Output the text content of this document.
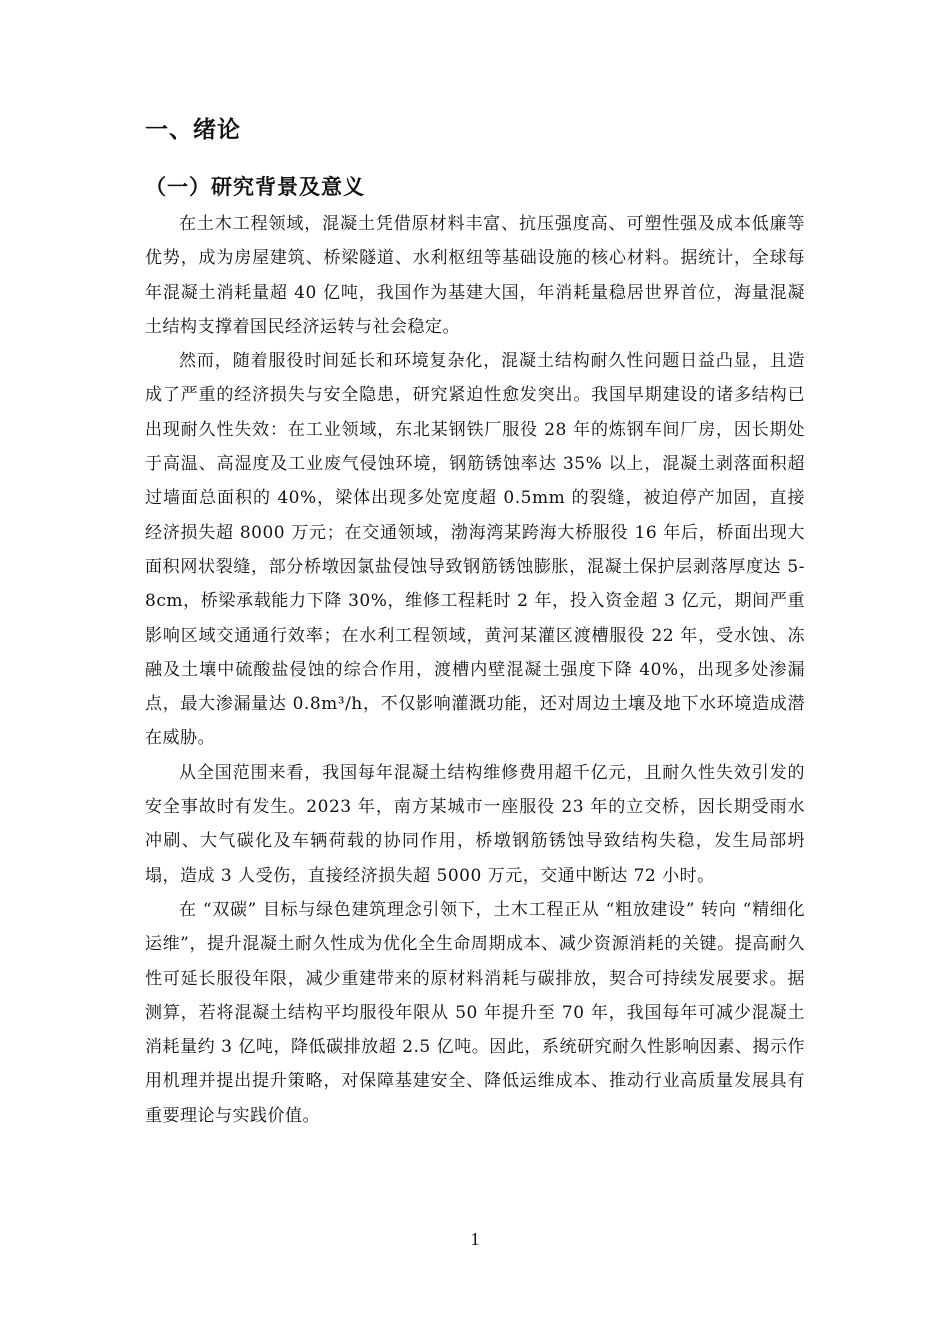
一、绪论
（一）研究背景及意义

在土木工程领域，混凝土凭借原材料丰富、抗压强度高、可塑性强及成本低廉等优势，成为房屋建筑、桥梁隧道、水利枢纽等基础设施的核心材料。据统计，全球每年混凝土消耗量超 40 亿吨，我国作为基建大国，年消耗量稳居世界首位，海量混凝土结构支撑着国民经济运转与社会稳定。

然而，随着服役时间延长和环境复杂化，混凝土结构耐久性问题日益凸显，且造成了严重的经济损失与安全隐患，研究紧迫性愈发突出。我国早期建设的诸多结构已出现耐久性失效：在工业领域，东北某钢铁厂服役 28 年的炼钢车间厂房，因长期处于高温、高湿度及工业废气侵蚀环境，钢筋锈蚀率达 35% 以上，混凝土剥落面积超过墙面总面积的 40%，梁体出现多处宽度超 0.5mm 的裂缝，被迫停产加固，直接经济损失超 8000 万元；在交通领域，渤海湾某跨海大桥服役 16 年后，桥面出现大面积网状裂缝，部分桥墩因氯盐侵蚀导致钢筋锈蚀膨胀，混凝土保护层剥落厚度达 5-8cm，桥梁承载能力下降 30%，维修工程耗时 2 年，投入资金超 3 亿元，期间严重影响区域交通通行效率；在水利工程领域，黄河某灌区渡槽服役 22 年，受水蚀、冻融及土壤中硫酸盐侵蚀的综合作用，渡槽内壁混凝土强度下降 40%，出现多处渗漏点，最大渗漏量达 0.8m³/h，不仅影响灌溉功能，还对周边土壤及地下水环境造成潜在威胁。

从全国范围来看，我国每年混凝土结构维修费用超千亿元，且耐久性失效引发的安全事故时有发生。2023 年，南方某城市一座服役 23 年的立交桥，因长期受雨水冲刷、大气碳化及车辆荷载的协同作用，桥墩钢筋锈蚀导致结构失稳，发生局部坍塌，造成 3 人受伤，直接经济损失超 5000 万元，交通中断达 72 小时。

在 “双碳” 目标与绿色建筑理念引领下，土木工程正从 “粗放建设” 转向 “精细化运维”，提升混凝土耐久性成为优化全生命周期成本、减少资源消耗的关键。提高耐久性可延长服役年限，减少重建带来的原材料消耗与碳排放，契合可持续发展要求。据测算，若将混凝土结构平均服役年限从 50 年提升至 70 年，我国每年可减少混凝土消耗量约 3 亿吨，降低碳排放超 2.5 亿吨。因此，系统研究耐久性影响因素、揭示作用机理并提出提升策略，对保障基建安全、降低运维成本、推动行业高质量发展具有重要理论与实践价值。

1
